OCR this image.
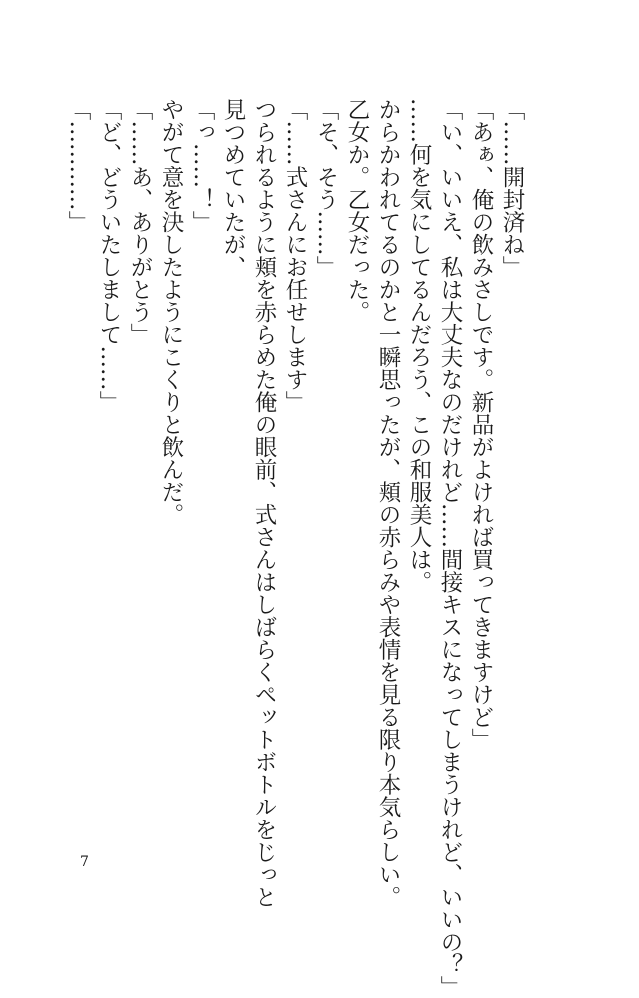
「……開封済ね」

「あぁ、俺の飲みさしです。新品がよければ買ってきますけど」

「い、いいえ、私は大丈夫なのだけれど……間接キスになってしまうけれど、いいの？」

……何を気にしてるんだろう、この和服美人は。

からかわれてるのかと一瞬思ったが、頬の赤らみや表情を見る限り本気らしい。

乙女か。乙女だった。

「そ、そう……」

「……式さんにお任せします」

つられるように頬を赤らめた俺の眼前、式さんはしばらくペットボトルをじっと

見つめていたが、

「っ……！」

やがて意を決したようにこくりと飲んだ。

「……あ、ありがとう」

「ど、どういたしまして……」

「…………」

7
